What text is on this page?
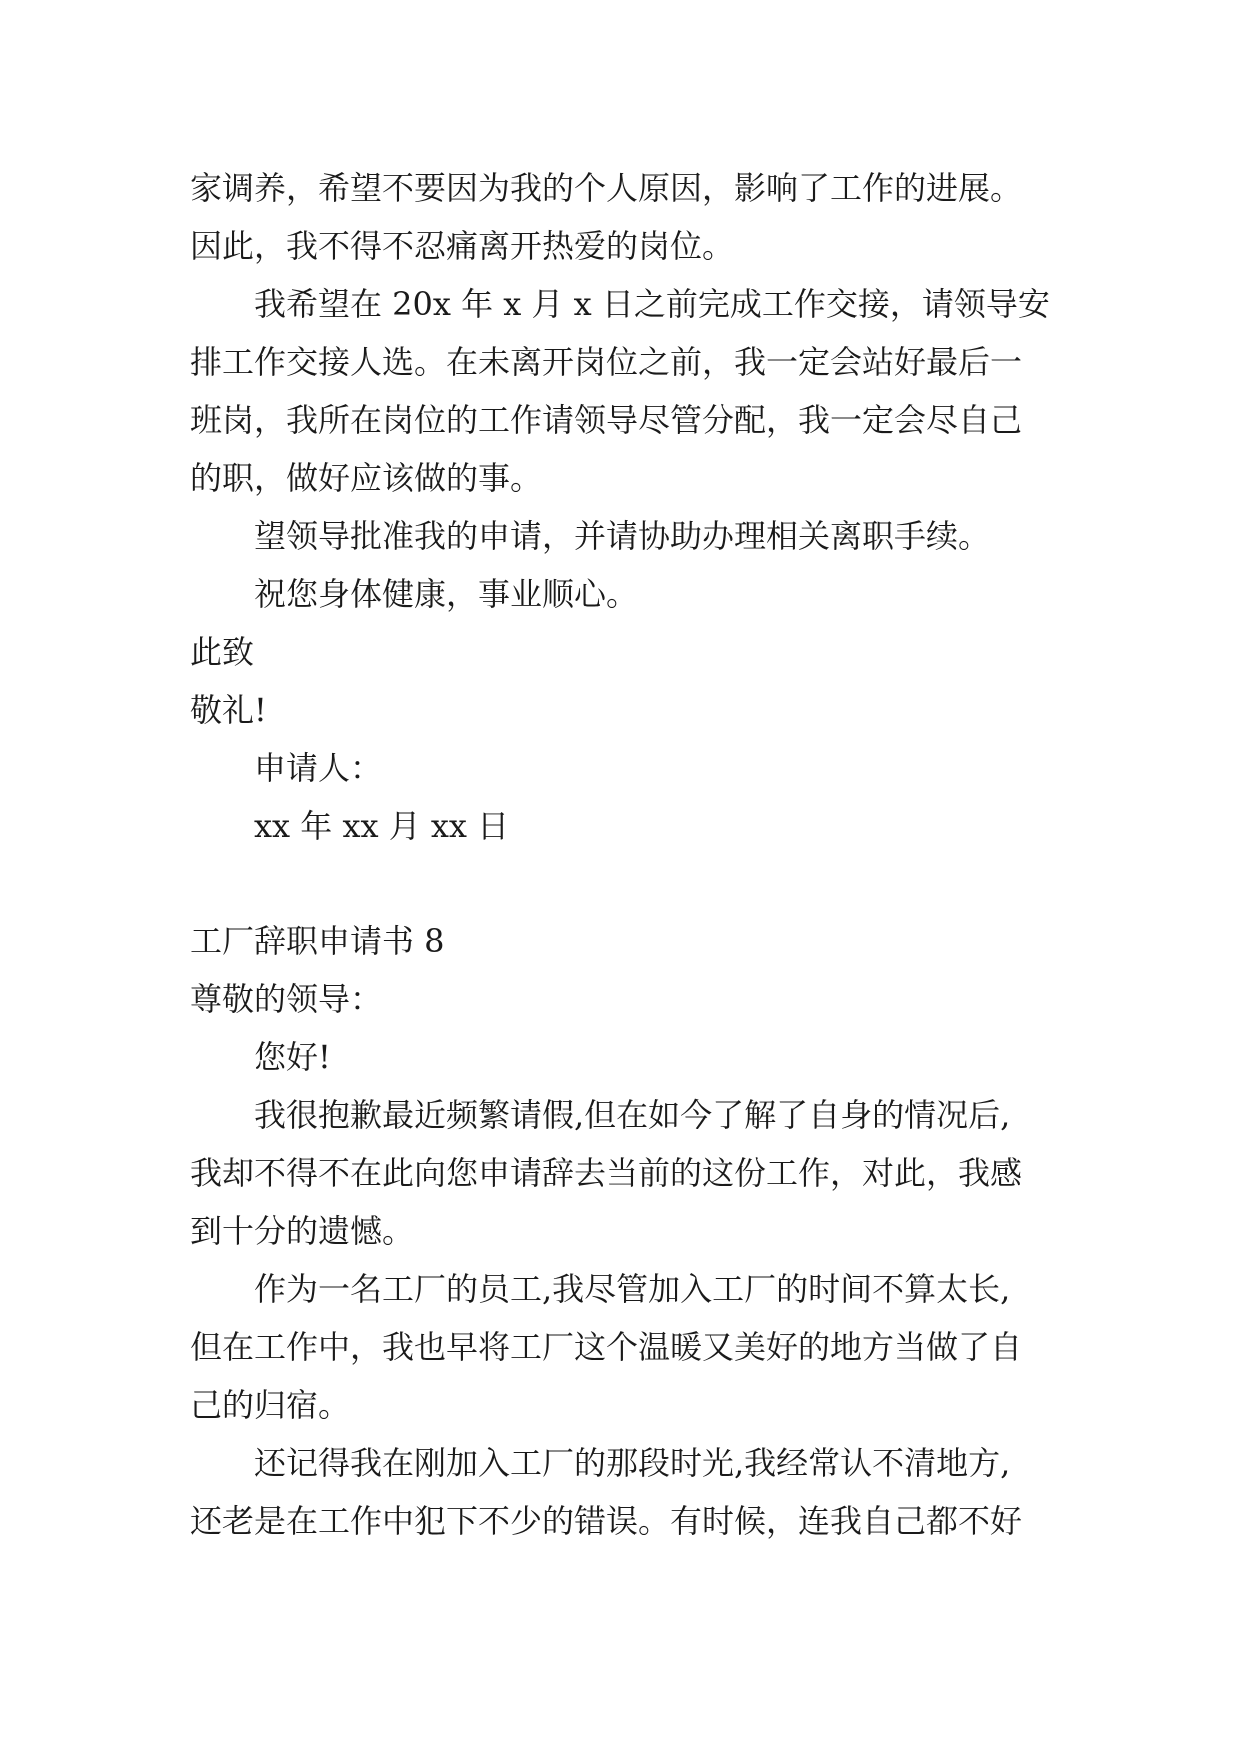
家调养，希望不要因为我的个人原因，影响了工作的进展。
因此，我不得不忍痛离开热爱的岗位。
我希望在 20x 年 x 月 x 日之前完成工作交接，请领导安
排工作交接人选。在未离开岗位之前，我一定会站好最后一
班岗，我所在岗位的工作请领导尽管分配，我一定会尽自己
的职，做好应该做的事。
望领导批准我的申请，并请协助办理相关离职手续。
祝您身体健康，事业顺心。
此致
敬礼!
申请人：
xx 年 xx 月 xx 日
工厂辞职申请书 8
尊敬的领导：
您好!
我很抱歉最近频繁请假,但在如今了解了自身的情况后,
我却不得不在此向您申请辞去当前的这份工作，对此，我感
到十分的遗憾。
作为一名工厂的员工,我尽管加入工厂的时间不算太长,
但在工作中，我也早将工厂这个温暖又美好的地方当做了自
己的归宿。
还记得我在刚加入工厂的那段时光,我经常认不清地方,
还老是在工作中犯下不少的错误。有时候，连我自己都不好
